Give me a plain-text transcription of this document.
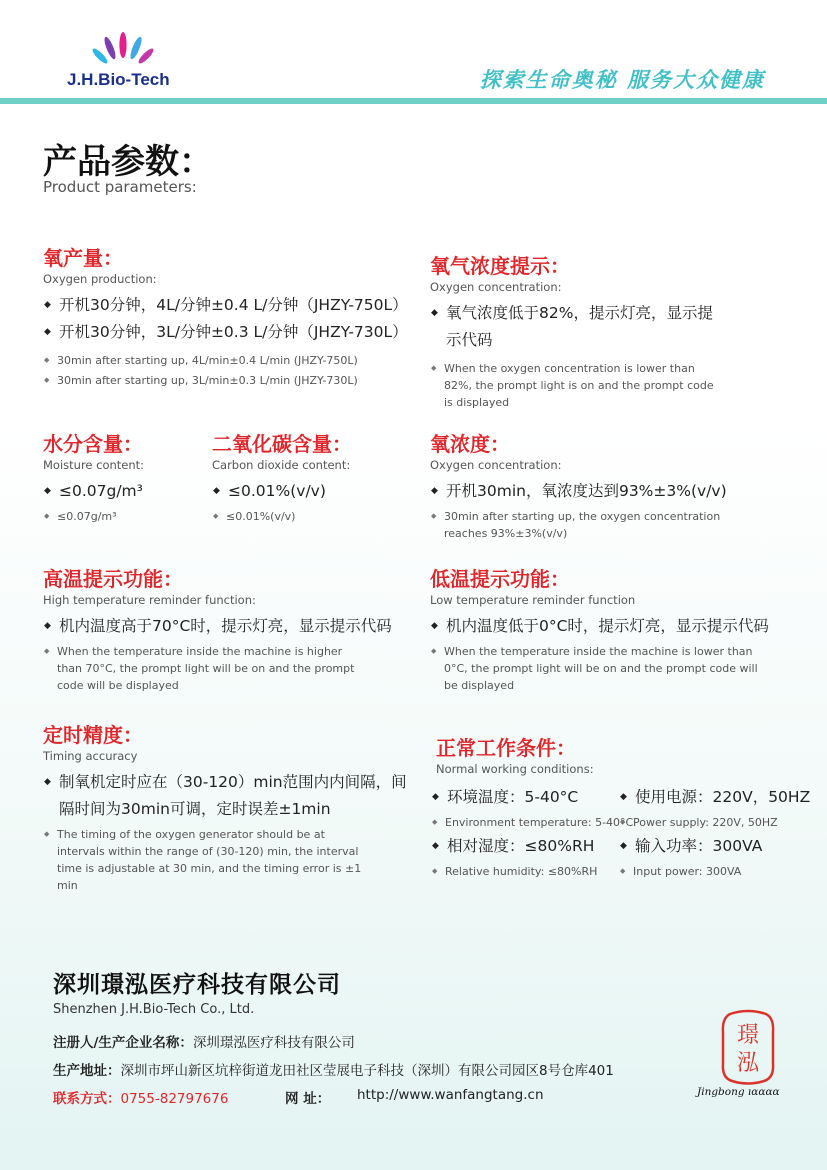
J.H.Bio-Tech	探索生命奥秘 服务大众健康
产品参数：
Product parameters:
氧产量：
Oxygen production:
◆ 开机30分钟，4L/分钟±0.4 L/分钟（JHZY-750L）
◆ 开机30分钟，3L/分钟±0.3 L/分钟（JHZY-730L）
◆ 30min after starting up, 4L/min±0.4 L/min (JHZY-750L)
◆ 30min after starting up, 3L/min±0.3 L/min (JHZY-730L)
氧气浓度提示：
Oxygen concentration:
◆ 氧气浓度低于82%，提示灯亮，显示提示代码
◆ When the oxygen concentration is lower than 82%, the prompt light is on and the prompt code is displayed
水分含量：
Moisture content:
◆ ≤0.07g/m³
◆ ≤0.07g/m³
二氧化碳含量：
Carbon dioxide content:
◆ ≤0.01%(v/v)
◆ ≤0.01%(v/v)
氧浓度：
Oxygen concentration:
◆ 开机30min，氧浓度达到93%±3%(v/v)
◆ 30min after starting up, the oxygen concentration reaches 93%±3%(v/v)
高温提示功能：
High temperature reminder function:
◆ 机内温度高于70°C时，提示灯亮，显示提示代码
◆ When the temperature inside the machine is higher than 70°C, the prompt light will be on and the prompt code will be displayed
低温提示功能：
Low temperature reminder function
◆ 机内温度低于0°C时，提示灯亮，显示提示代码
◆ When the temperature inside the machine is lower than 0°C, the prompt light will be on and the prompt code will be displayed
定时精度：
Timing accuracy
◆ 制氧机定时应在（30-120）min范围内内间隔，间隔时间为30min可调，定时误差±1min
◆ The timing of the oxygen generator should be at intervals within the range of (30-120) min, the interval time is adjustable at 30 min, and the timing error is ±1 min
正常工作条件：
Normal working conditions:
◆ 环境温度：5-40°C
◆ Environment temperature: 5-40°C
◆ 使用电源：220V，50HZ
◆ Power supply: 220V, 50HZ
◆ 相对湿度：≤80%RH
◆ Relative humidity: ≤80%RH
◆ 输入功率：300VA
◆ Input power: 300VA
深圳璟泓医疗科技有限公司
Shenzhen J.H.Bio-Tech Co., Ltd.
注册人/生产企业名称：深圳璟泓医疗科技有限公司
生产地址：深圳市坪山新区坑梓街道龙田社区莹展电子科技（深圳）有限公司园区8号仓库401
联系方式：0755-82797676	网 址： http://www.wanfangtang.cn
璟
泓
Jingbong ıɑɑɑɑ
